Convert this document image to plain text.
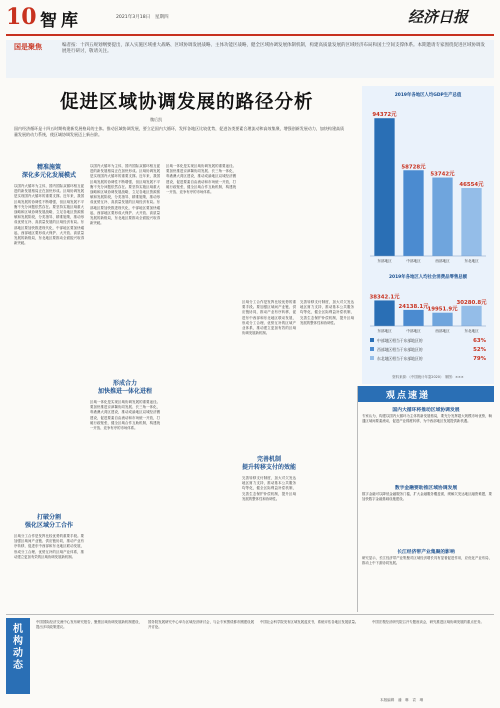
10 智库	2021年3月18日　星期四	经济日报
国是聚焦	编者按：十四五规划纲要提出，深入实施区域重大战略、区域协调发展战略、主体功能区战略，健全区域协调发展体制机制，构建高质量发展的区域经济布局和国土空间支撑体系。本期邀请专家围绕促进区域协调发展进行研讨，敬请关注。
促进区域协调发展的路径分析
魏后凯
国内经济循环是十四五时期构建新发展格局的主体。推动区域协调发展，要立足国内大循环，发挥各地区比较优势，促进各类要素合理流动和高效集聚，增强创新发展动力，加快构建高质量发展的动力系统，使区域协调发展迈上新台阶。
2019年各地区人均GDP生产总值
94372元
东部地区
58728元
中部地区
53742元
西部地区
46554元
东北地区
2019年各地区人均社会消费品零售总额
38342.1元
东部地区
24138.1元
中部地区
19951.9元
西部地区
30280.8元
东北地区
中部地区相当于东部地区的	63%
西部地区相当于东部地区的	52%
东北地区相当于东部地区的	79%
资料来源：《中国统计年鉴2020》　制图：×××
精准施策　　
深化多元化发展模式
以国内大循环为主体，国内国际双循环相互促进的新发展格局正在加快形成。区域协调发展是实现国内大循环的重要支撑。近年来，我国区域发展的协调性不断增强，但区域发展不平衡不充分问题依然存在。要坚持实施区域重大战略和区域协调发展战略，立足各地区资源禀赋和发展阶段，分类指导、精准施策，推动形成优势互补、高质量发展的区域经济布局。东部地区要加快推进现代化，中部地区要加快崛起，西部地区要形成大保护、大开放、高质量发展的新格局，东北地区要推动全面振兴取得新突破。
以国内大循环为主体，国内国际双循环相互促进的新发展格局正在加快形成。区域协调发展是实现国内大循环的重要支撑。近年来，我国区域发展的协调性不断增强，但区域发展不平衡不充分问题依然存在。要坚持实施区域重大战略和区域协调发展战略，立足各地区资源禀赋和发展阶段，分类指导、精准施策，推动形成优势互补、高质量发展的区域经济布局。东部地区要加快推进现代化，中部地区要加快崛起，西部地区要形成大保护、大开放、高质量发展的新格局，东北地区要推动全面振兴取得新突破。
形成合力
加快推进一体化进程
区域一体化是实现区域协调发展的重要途径。要加快推进京津冀协同发展、长三角一体化、粤港澳大湾区建设，推动成渝地区双城经济圈建设，促进要素自由流动和市场统一开放，打破行政壁垒，健全区域合作互助机制，构建统一开放、竞争有序的市场体系。
区域一体化是实现区域协调发展的重要途径。要加快推进京津冀协同发展、长三角一体化、粤港澳大湾区建设，推动成渝地区双城经济圈建设，促进要素自由流动和市场统一开放，打破行政壁垒，健全区域合作互助机制，构建统一开放、竞争有序的市场体系。
打破分割
强化区域分工合作
区域分工合作是发挥比较优势的重要手段。要加强区域间产业链、供应链协同，推动产业有序转移，促进东中西部和东北地区联动发展，形成分工合理、优势互补的区域产业体系，推动建立更加有效的区域协调发展新机制。
区域分工合作是发挥比较优势的重要手段。要加强区域间产业链、供应链协同，推动产业有序转移，促进东中西部和东北地区联动发展，形成分工合理、优势互补的区域产业体系，推动建立更加有效的区域协调发展新机制。
完善机制
提升转移支付的效能
完善转移支付制度，加大对欠发达地区财力支持，推动基本公共服务均等化，健全区际利益补偿机制，完善生态保护补偿机制，提升区域发展的整体性和协调性。
完善转移支付制度，加大对欠发达地区财力支持，推动基本公共服务均等化，健全区际利益补偿机制，完善生态保护补偿机制，提升区域发展的整体性和协调性。
观点速递
国内大循环将推动区域协调发展
专家认为，构建以国内大循环为主体的新发展格局，要充分发挥超大规模市场优势，畅通区域间要素流动，促进产业梯度转移，为中西部地区发展提供新机遇。
数字金融要助推区域协调发展
数字金融可以降低金融服务门槛，扩大金融服务覆盖面，缓解欠发达地区融资难题，要加快数字金融基础设施建设。
长江经济带产业集聚的影响
研究显示，长江经济带产业集聚对区域经济增长具有显著促进作用，应优化产业布局，推动上中下游协同发展。
机构动态
中国国际经济交流中心发布研究报告，聚焦区域协调发展新机制建设，提出多项政策建议。
国务院发展研究中心举办区域经济研讨会，与会专家围绕都市圈建设展开讨论。
中国社会科学院发布区域发展蓝皮书，系统评估各地区发展质量。	中国宏观经济研究院召开专题座谈会，研究推进区域协调发展的重点任务。
本版编辑　潘　琳　袁　琳
